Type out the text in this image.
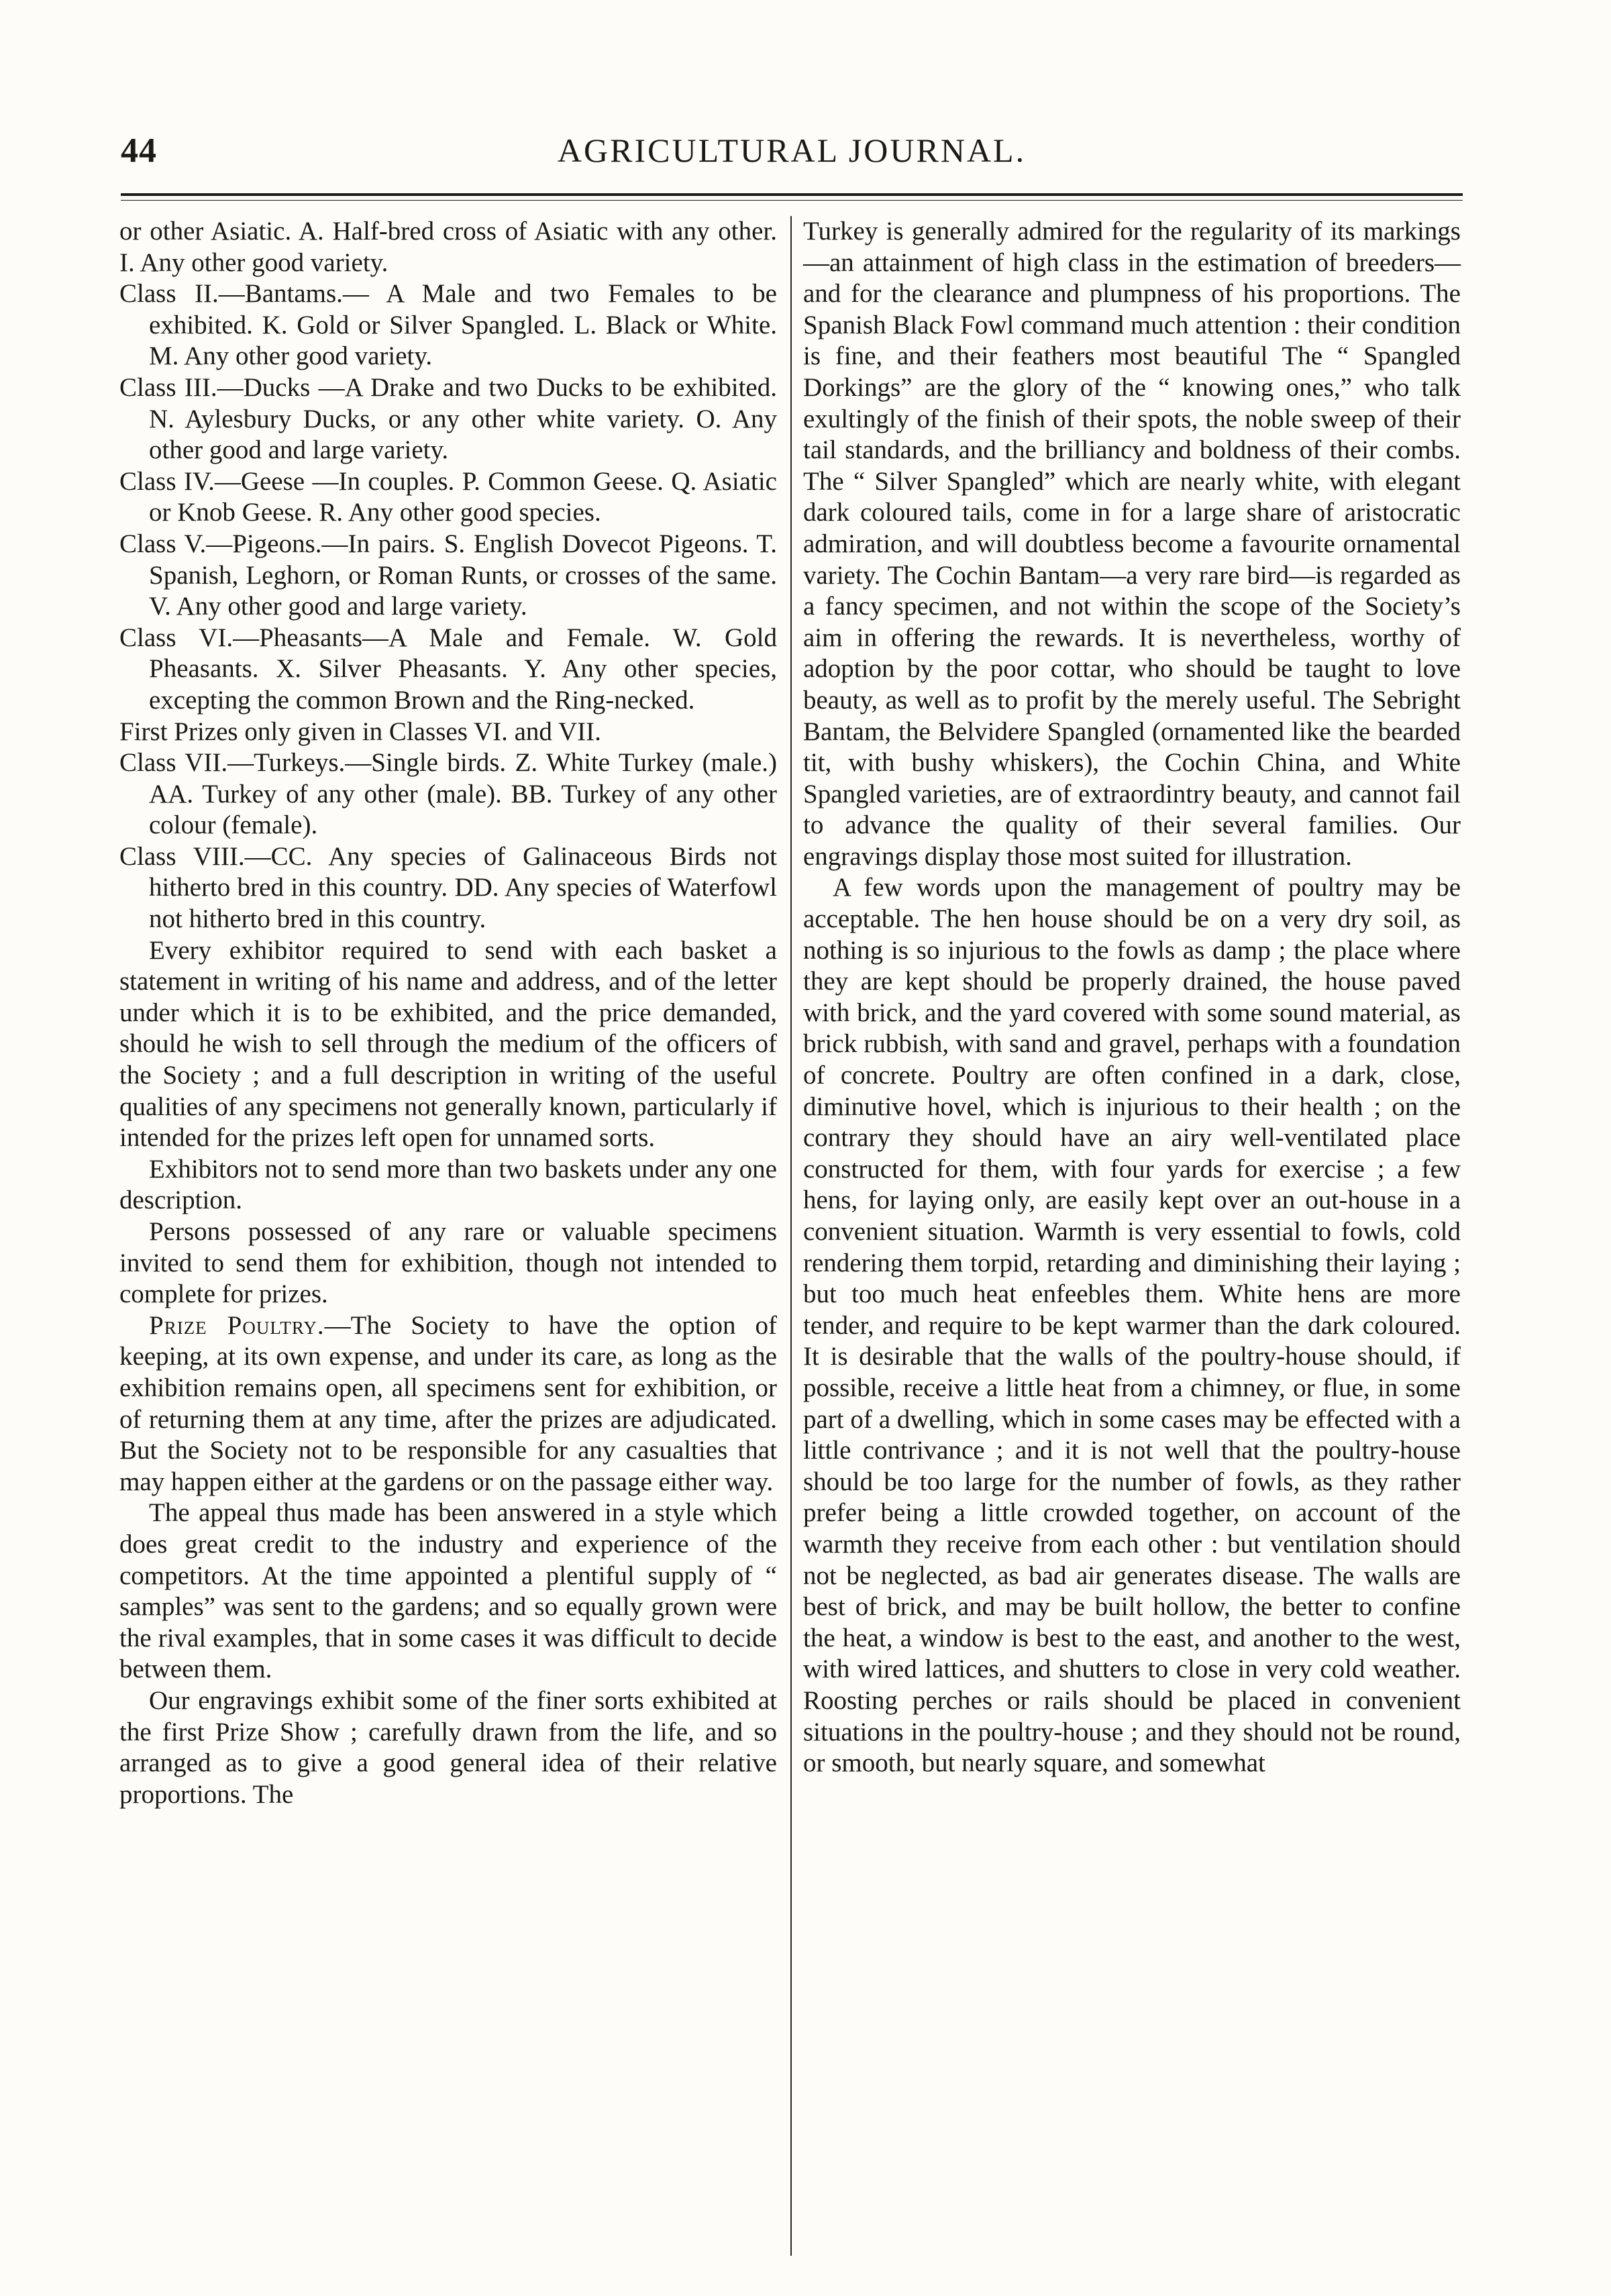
44	AGRICULTURAL JOURNAL.

or other Asiatic. A. Half-bred cross of Asiatic with any other. I. Any other good variety.

Class II.—Bantams.— A Male and two Females to be exhibited. K. Gold or Silver Spangled. L. Black or White. M. Any other good variety.

Class III.—Ducks —A Drake and two Ducks to be exhibited. N. Aylesbury Ducks, or any other white variety. O. Any other good and large variety.

Class IV.—Geese —In couples. P. Common Geese. Q. Asiatic or Knob Geese. R. Any other good species.

Class V.—Pigeons.—In pairs. S. English Dovecot Pigeons. T. Spanish, Leghorn, or Roman Runts, or crosses of the same. V. Any other good and large variety.

Class VI.—Pheasants—A Male and Female. W. Gold Pheasants. X. Silver Pheasants. Y. Any other species, excepting the common Brown and the Ring-necked.

First Prizes only given in Classes VI. and VII.

Class VII.—Turkeys.—Single birds. Z. White Turkey (male.) AA. Turkey of any other (male). BB. Turkey of any other colour (female).

Class VIII.—CC. Any species of Galinaceous Birds not hitherto bred in this country. DD. Any species of Waterfowl not hitherto bred in this country.

Every exhibitor required to send with each basket a statement in writing of his name and address, and of the letter under which it is to be exhibited, and the price demanded, should he wish to sell through the medium of the officers of the Society ; and a full description in writing of the useful qualities of any specimens not generally known, particularly if intended for the prizes left open for unnamed sorts.

Exhibitors not to send more than two baskets under any one description.

Persons possessed of any rare or valuable specimens invited to send them for exhibition, though not intended to complete for prizes.

Prize Poultry.—The Society to have the option of keeping, at its own expense, and under its care, as long as the exhibition remains open, all specimens sent for exhibition, or of returning them at any time, after the prizes are adjudicated. But the Society not to be responsible for any casualties that may happen either at the gardens or on the passage either way.

The appeal thus made has been answered in a style which does great credit to the industry and experience of the competitors. At the time appointed a plentiful supply of “ samples” was sent to the gardens; and so equally grown were the rival examples, that in some cases it was difficult to decide between them.

Our engravings exhibit some of the finer sorts exhibited at the first Prize Show ; carefully drawn from the life, and so arranged as to give a good general idea of their relative proportions. The

Turkey is generally admired for the regularity of its markings—an attainment of high class in the estimation of breeders—and for the clearance and plumpness of his proportions. The Spanish Black Fowl command much attention : their condition is fine, and their feathers most beautiful The “ Spangled Dorkings” are the glory of the “ knowing ones,” who talk exultingly of the finish of their spots, the noble sweep of their tail standards, and the brilliancy and boldness of their combs. The “ Silver Spangled” which are nearly white, with elegant dark coloured tails, come in for a large share of aristocratic admiration, and will doubtless become a favourite ornamental variety. The Cochin Bantam—a very rare bird—is regarded as a fancy specimen, and not within the scope of the Society’s aim in offering the rewards. It is nevertheless, worthy of adoption by the poor cottar, who should be taught to love beauty, as well as to profit by the merely useful. The Sebright Bantam, the Belvidere Spangled (ornamented like the bearded tit, with bushy whiskers), the Cochin China, and White Spangled varieties, are of extraordintry beauty, and cannot fail to advance the quality of their several families. Our engravings display those most suited for illustration.

A few words upon the management of poultry may be acceptable. The hen house should be on a very dry soil, as nothing is so injurious to the fowls as damp ; the place where they are kept should be properly drained, the house paved with brick, and the yard covered with some sound material, as brick rubbish, with sand and gravel, perhaps with a foundation of concrete. Poultry are often confined in a dark, close, diminutive hovel, which is injurious to their health ; on the contrary they should have an airy well-ventilated place constructed for them, with four yards for exercise ; a few hens, for laying only, are easily kept over an out-house in a convenient situation. Warmth is very essential to fowls, cold rendering them torpid, retarding and diminishing their laying ; but too much heat enfeebles them. White hens are more tender, and require to be kept warmer than the dark coloured. It is desirable that the walls of the poultry-house should, if possible, receive a little heat from a chimney, or flue, in some part of a dwelling, which in some cases may be effected with a little contrivance ; and it is not well that the poultry-house should be too large for the number of fowls, as they rather prefer being a little crowded together, on account of the warmth they receive from each other : but ventilation should not be neglected, as bad air generates disease. The walls are best of brick, and may be built hollow, the better to confine the heat, a window is best to the east, and another to the west, with wired lattices, and shutters to close in very cold weather. Roosting perches or rails should be placed in convenient situations in the poultry-house ; and they should not be round, or smooth, but nearly square, and somewhat
